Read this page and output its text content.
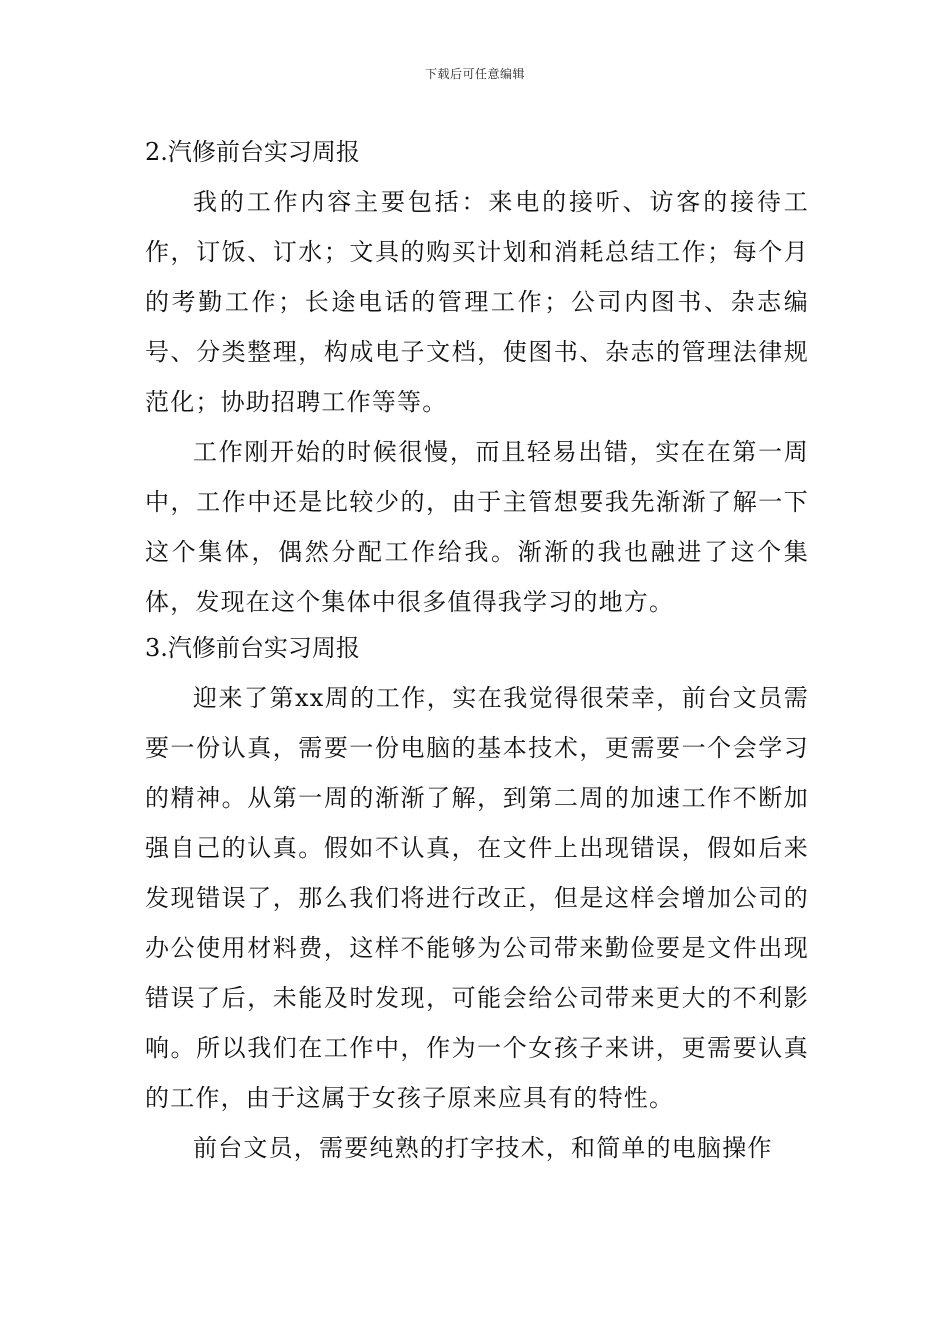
下载后可任意编辑
2.汽修前台实习周报

我的工作内容主要包括：来电的接听、访客的接待工作，订饭、订水；文具的购买计划和消耗总结工作；每个月的考勤工作；长途电话的管理工作；公司内图书、杂志编号、分类整理，构成电子文档，使图书、杂志的管理法律规范化；协助招聘工作等等。

工作刚开始的时候很慢，而且轻易出错，实在在第一周中，工作中还是比较少的，由于主管想要我先渐渐了解一下这个集体，偶然分配工作给我。渐渐的我也融进了这个集体，发现在这个集体中很多值得我学习的地方。

3.汽修前台实习周报

迎来了第xx周的工作，实在我觉得很荣幸，前台文员需要一份认真，需要一份电脑的基本技术，更需要一个会学习的精神。从第一周的渐渐了解，到第二周的加速工作不断加强自己的认真。假如不认真，在文件上出现错误，假如后来发现错误了，那么我们将进行改正，但是这样会增加公司的办公使用材料费，这样不能够为公司带来勤俭要是文件出现错误了后，未能及时发现，可能会给公司带来更大的不利影响。所以我们在工作中，作为一个女孩子来讲，更需要认真的工作，由于这属于女孩子原来应具有的特性。

前台文员，需要纯熟的打字技术，和简单的电脑操作
